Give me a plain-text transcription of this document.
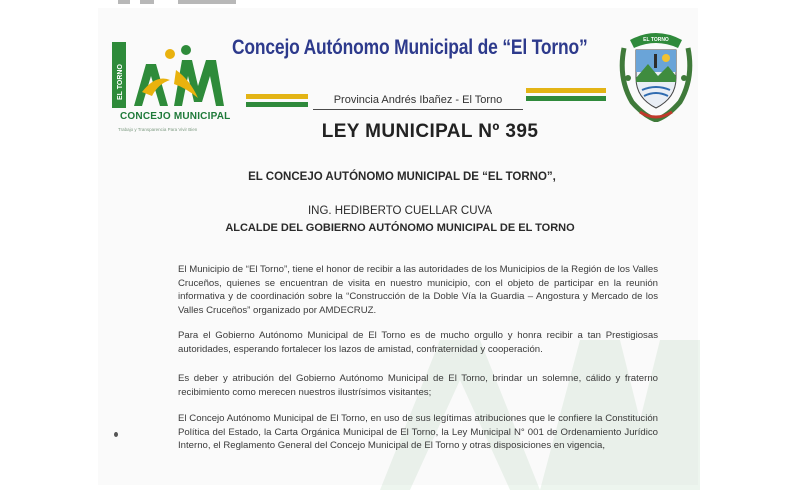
EL TORNO
CONCEJO MUNICIPAL
Trabajo y Transparencia Para Vivir Bien
Concejo Autónomo Municipal de “El Torno”
Provincia Andrés Ibañez - El Torno
LEY MUNICIPAL Nº 395
EL TORNO
EL CONCEJO AUTÓNOMO MUNICIPAL DE “EL TORNO”,
ING. HEDIBERTO CUELLAR CUVA
ALCALDE DEL GOBIERNO AUTÓNOMO MUNICIPAL DE EL TORNO

El Municipio de “El Torno”, tiene el honor de recibir a las autoridades de los Municipios de la Región de los Valles Cruceños, quienes se encuentran de visita en nuestro municipio, con el objeto de participar en la reunión informativa y de coordinación sobre la “Construcción de la Doble Vía la Guardia – Angostura y Mercado de los Valles Cruceños” organizado por AMDECRUZ.

Para el Gobierno Autónomo Municipal de El Torno es de mucho orgullo y honra recibir a tan Prestigiosas autoridades, esperando fortalecer los lazos de amistad, confraternidad y cooperación.

Es deber y atribución del Gobierno Autónomo Municipal de El Torno, brindar un solemne, cálido y fraterno recibimiento como merecen nuestros ilustrísimos visitantes;

El Concejo Autónomo Municipal de El Torno, en uso de sus legítimas atribuciones que le confiere la Constitución Política del Estado, la Carta Orgánica Municipal de El Torno, la Ley Municipal N° 001 de Ordenamiento Jurídico Interno, el Reglamento General del Concejo Municipal de El Torno y otras disposiciones en vigencia,
